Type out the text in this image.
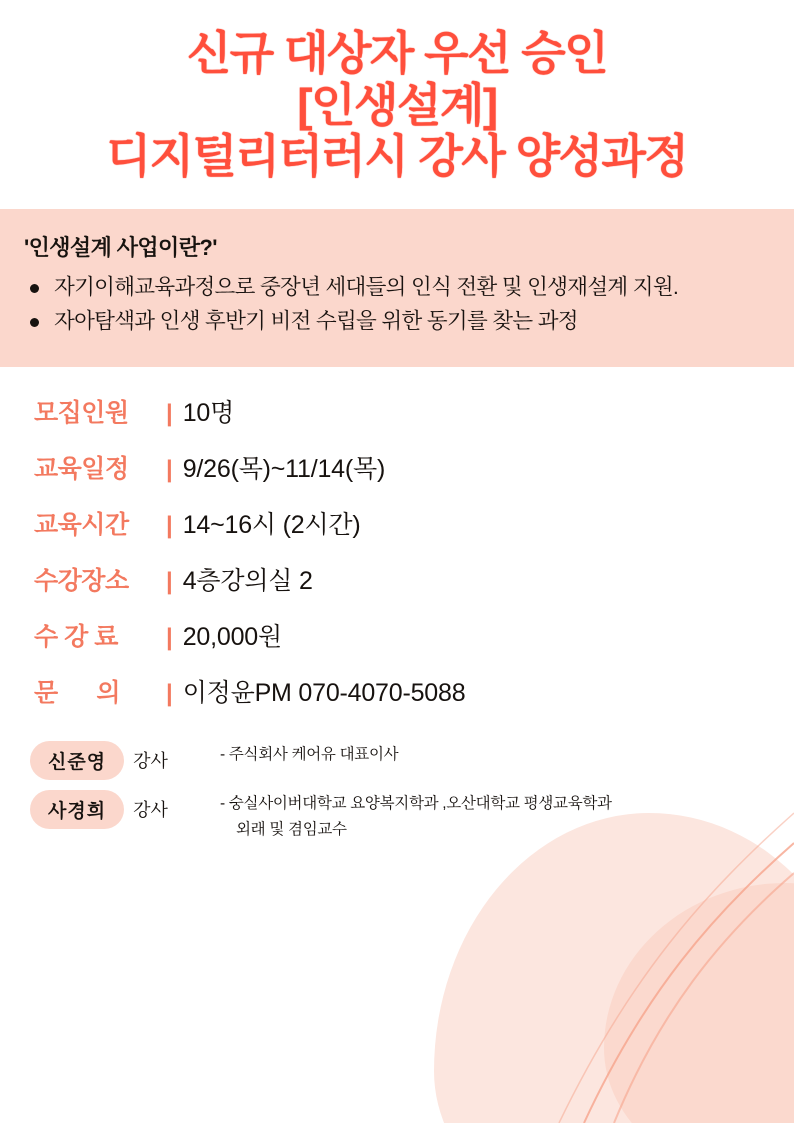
신규 대상자 우선 승인
[인생설계]
디지털리터러시 강사 양성과정
'인생설계 사업이란?'
자기이해교육과정으로 중장년 세대들의 인식 전환 및 인생재설계 지원.
자아탐색과 인생 후반기 비전 수립을 위한 동기를 찾는 과정
모집인원	| 10명
교육일정	| 9/26(목)~11/14(목)
교육시간	| 14~16시 (2시간)
수강장소	| 4층강의실 2
수 강 료	| 20,000원
문      의	| 이정윤PM 070-4070-5088
신준영	강사	- 주식회사 케어유 대표이사
사경희	강사	- 숭실사이버대학교 요양복지학과 ,오산대학교 평생교육학과
외래 및 겸임교수
